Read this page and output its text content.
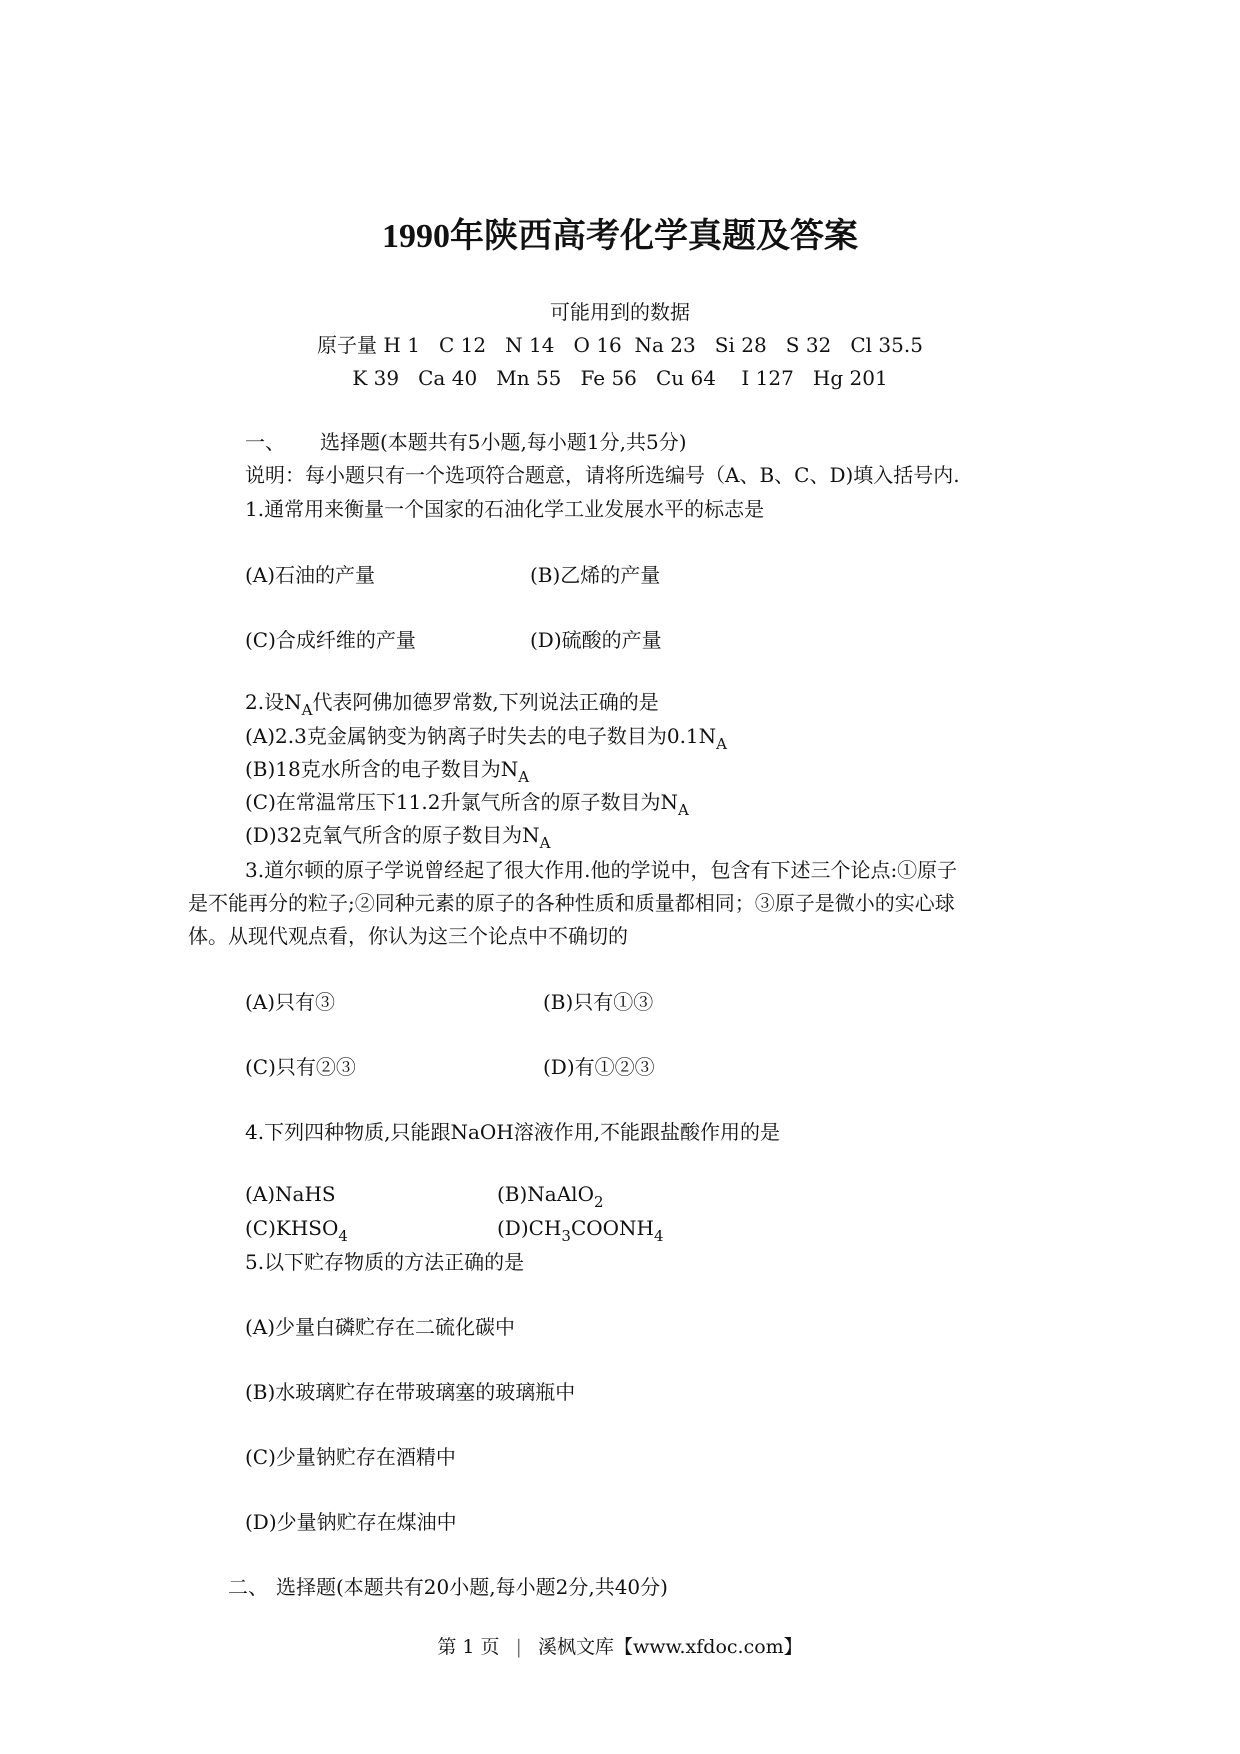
1990年陕西高考化学真题及答案
可能用到的数据
原子量 H 1   C 12   N 14   O 16  Na 23   Si 28   S 32   Cl 35.5
K 39   Ca 40   Mn 55   Fe 56   Cu 64    I 127   Hg 201
一、 选择题(本题共有5小题,每小题1分,共5分)
说明：每小题只有一个选项符合题意，请将所选编号（A、B、C、D)填入括号内.
1.通常用来衡量一个国家的石油化学工业发展水平的标志是
(A)石油的产量	(B)乙烯的产量
(C)合成纤维的产量	(D)硫酸的产量
2.设$N_A$代表阿佛加德罗常数,下列说法正确的是
(A)2.3克金属钠变为钠离子时失去的电子数目为$0.1N_A$
(B)18克水所含的电子数目为$N_A$
(C)在常温常压下11.2升氯气所含的原子数目为$N_A$
(D)32克氧气所含的原子数目为$N_A$
3.道尔顿的原子学说曾经起了很大作用.他的学说中，包含有下述三个论点:①原子
是不能再分的粒子;②同种元素的原子的各种性质和质量都相同；③原子是微小的实心球
体。从现代观点看，你认为这三个论点中不确切的
(A)只有③	(B)只有①③
(C)只有②③	(D)有①②③
4.下列四种物质,只能跟NaOH溶液作用,不能跟盐酸作用的是
(A)NaHS	(B)NaAlO$_2$
$(C)KHSO_4$	$(D)CH_3COONH_4$
5.以下贮存物质的方法正确的是
(A)少量白磷贮存在二硫化碳中
(B)水玻璃贮存在带玻璃塞的玻璃瓶中
(C)少量钠贮存在酒精中
(D)少量钠贮存在煤油中
二、 选择题(本题共有20小题,每小题2分,共40分)
第 1 页 | 溪枫文库【www.xfdoc.com】
